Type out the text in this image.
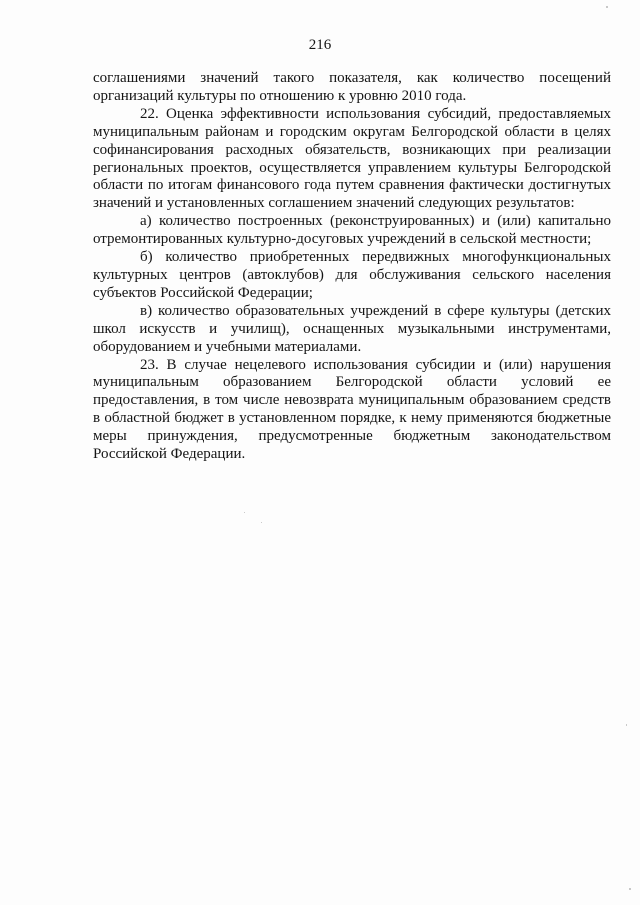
216

соглашениями значений такого показателя, как количество посещений организаций культуры по отношению к уровню 2010 года.

22. Оценка эффективности использования субсидий, предоставляемых муниципальным районам и городским округам Белгородской области в целях софинансирования расходных обязательств, возникающих при реализации региональных проектов, осуществляется управлением культуры Белгородской области по итогам финансового года путем сравнения фактически достигнутых значений и установленных соглашением значений следующих результатов:

а) количество построенных (реконструированных) и (или) капитально отремонтированных культурно-досуговых учреждений в сельской местности;

б) количество приобретенных передвижных многофункциональных культурных центров (автоклубов) для обслуживания сельского населения субъектов Российской Федерации;

в) количество образовательных учреждений в сфере культуры (детских школ искусств и училищ), оснащенных музыкальными инструментами, оборудованием и учебными материалами.

23. В случае нецелевого использования субсидии и (или) нарушения муниципальным образованием Белгородской области условий ее предоставления, в том числе невозврата муниципальным образованием средств в областной бюджет в установленном порядке, к нему применяются бюджетные меры принуждения, предусмотренные бюджетным законодательством Российской Федерации.
